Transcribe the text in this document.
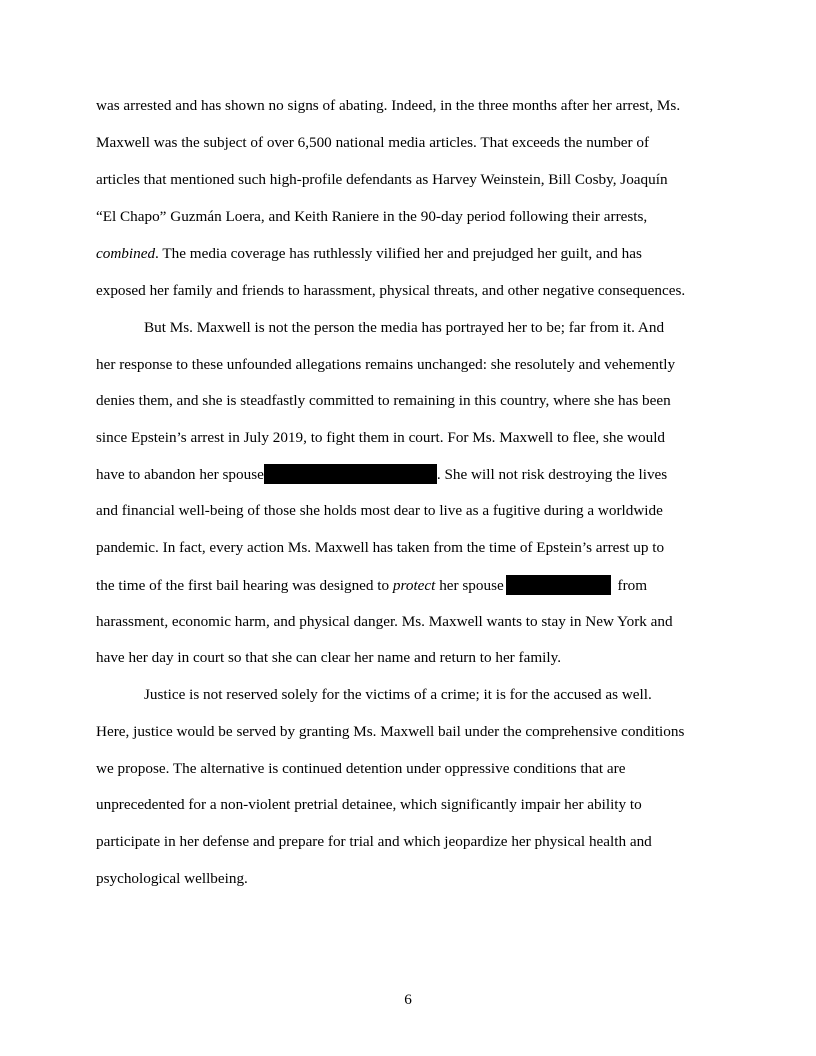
was arrested and has shown no signs of abating. Indeed, in the three months after her arrest, Ms.
Maxwell was the subject of over 6,500 national media articles. That exceeds the number of
articles that mentioned such high-profile defendants as Harvey Weinstein, Bill Cosby, Joaquín
“El Chapo” Guzmán Loera, and Keith Raniere in the 90-day period following their arrests,
combined. The media coverage has ruthlessly vilified her and prejudged her guilt, and has
exposed her family and friends to harassment, physical threats, and other negative consequences.
But Ms. Maxwell is not the person the media has portrayed her to be; far from it. And
her response to these unfounded allegations remains unchanged: she resolutely and vehemently
denies them, and she is steadfastly committed to remaining in this country, where she has been
since Epstein’s arrest in July 2019, to fight them in court. For Ms. Maxwell to flee, she would
have to abandon her spouse	. She will not risk destroying the lives
and financial well-being of those she holds most dear to live as a fugitive during a worldwide
pandemic. In fact, every action Ms. Maxwell has taken from the time of Epstein’s arrest up to
the time of the first bail hearing was designed to protect her spouse	from
harassment, economic harm, and physical danger. Ms. Maxwell wants to stay in New York and
have her day in court so that she can clear her name and return to her family.
Justice is not reserved solely for the victims of a crime; it is for the accused as well.
Here, justice would be served by granting Ms. Maxwell bail under the comprehensive conditions
we propose. The alternative is continued detention under oppressive conditions that are
unprecedented for a non-violent pretrial detainee, which significantly impair her ability to
participate in her defense and prepare for trial and which jeopardize her physical health and
psychological wellbeing.
6
